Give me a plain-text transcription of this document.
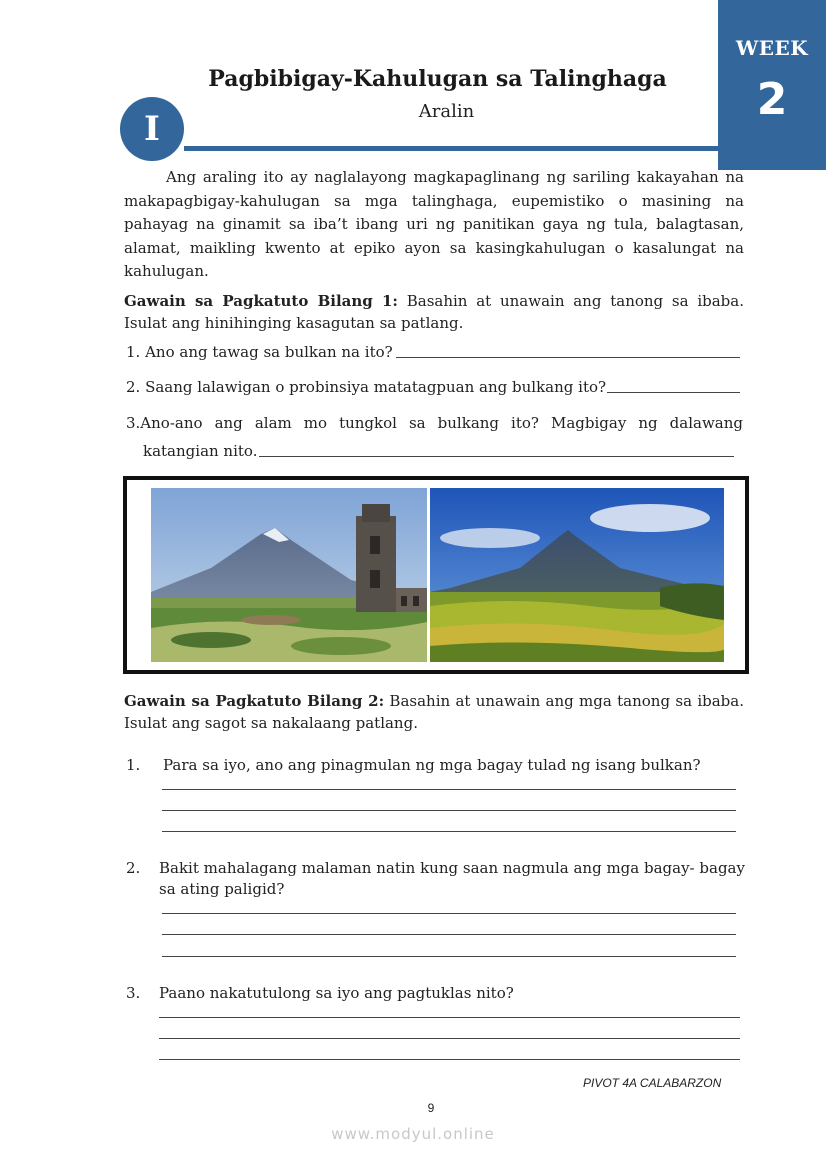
WEEK
2
Pagbibigay-Kahulugan sa Talinghaga
Aralin
I
Ang araling ito ay naglalayong magkapaglinang ng sariling kakayahan na makapagbigay-kahulugan sa mga talinghaga, eupemistiko o masining na pahayag na ginamit sa iba’t ibang uri ng panitikan gaya ng tula, balagtasan, alamat, maikling kwento at epiko ayon sa kasingkahulugan o kasalungat na kahulugan.
Gawain sa Pagkatuto Bilang 1: Basahin at unawain ang tanong sa ibaba. Isulat ang hinihinging kasagutan sa patlang.
1. Ano ang tawag sa bulkan na ito?
2. Saang lalawigan o probinsiya matatagpuan ang bulkang ito?
3.Ano-ano ang alam mo tungkol sa bulkang ito? Magbigay ng dalawang
katangian nito.
Gawain sa Pagkatuto Bilang 2: Basahin at unawain ang mga tanong sa ibaba. Isulat ang sagot sa nakalaang patlang.
1. Para sa iyo, ano ang pinagmulan ng mga bagay tulad ng isang bulkan?
2. Bakit mahalagang malaman natin kung saan nagmula ang mga bagay- bagay
sa ating paligid?
3. Paano nakatutulong sa iyo ang pagtuklas nito?
PIVOT 4A CALABARZON
9
www.modyul.online
